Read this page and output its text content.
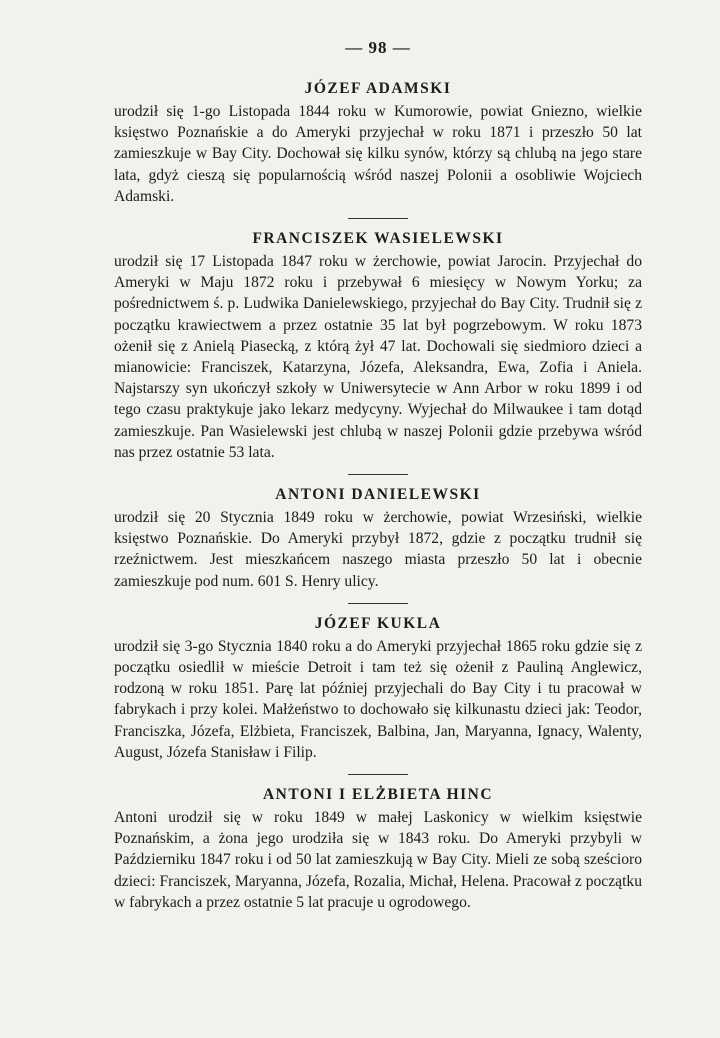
— 98 —
JÓZEF ADAMSKI

urodził się 1-go Listopada 1844 roku w Kumorowie, powiat Gniezno, wielkie księstwo Poznańskie a do Ameryki przyjechał w roku 1871 i przeszło 50 lat zamieszkuje w Bay City. Dochował się kilku synów, którzy są chlubą na jego stare lata, gdyż cieszą się popularnością wśród naszej Polonii a osobliwie Wojciech Adamski.

FRANCISZEK WASIELEWSKI

urodził się 17 Listopada 1847 roku w żerchowie, powiat Jarocin. Przyjechał do Ameryki w Maju 1872 roku i przebywał 6 miesięcy w Nowym Yorku; za pośrednictwem ś. p. Ludwika Danielewskiego, przyjechał do Bay City. Trudnił się z początku krawiectwem a przez ostatnie 35 lat był pogrzebowym. W roku 1873 ożenił się z Anielą Piasecką, z którą żył 47 lat. Dochowali się siedmioro dzieci a mianowicie: Franciszek, Katarzyna, Józefa, Aleksandra, Ewa, Zofia i Aniela. Najstarszy syn ukończył szkoły w Uniwersytecie w Ann Arbor w roku 1899 i od tego czasu praktykuje jako lekarz medycyny. Wyjechał do Milwaukee i tam dotąd zamieszkuje. Pan Wasielewski jest chlubą w naszej Polonii gdzie przebywa wśród nas przez ostatnie 53 lata.

ANTONI DANIELEWSKI

urodził się 20 Stycznia 1849 roku w żerchowie, powiat Wrzesiński, wielkie księstwo Poznańskie. Do Ameryki przybył 1872, gdzie z początku trudnił się rzeźnictwem. Jest mieszkańcem naszego miasta przeszło 50 lat i obecnie zamieszkuje pod num. 601 S. Henry ulicy.

JÓZEF KUKLA

urodził się 3-go Stycznia 1840 roku a do Ameryki przyjechał 1865 roku gdzie się z początku osiedlił w mieście Detroit i tam też się ożenił z Pauliną Anglewicz, rodzoną w roku 1851. Parę lat później przyjechali do Bay City i tu pracował w fabrykach i przy kolei. Małżeństwo to dochowało się kilkunastu dzieci jak: Teodor, Franciszka, Józefa, Elżbieta, Franciszek, Balbina, Jan, Maryanna, Ignacy, Walenty, August, Józefa Stanisław i Filip.

ANTONI I ELŻBIETA HINC

Antoni urodził się w roku 1849 w małej Laskonicy w wielkim księstwie Poznańskim, a żona jego urodziła się w 1843 roku. Do Ameryki przybyli w Październiku 1847 roku i od 50 lat zamieszkują w Bay City. Mieli ze sobą sześcioro dzieci: Franciszek, Maryanna, Józefa, Rozalia, Michał, Helena. Pracował z początku w fabrykach a przez ostatnie 5 lat pracuje u ogrodowego.
